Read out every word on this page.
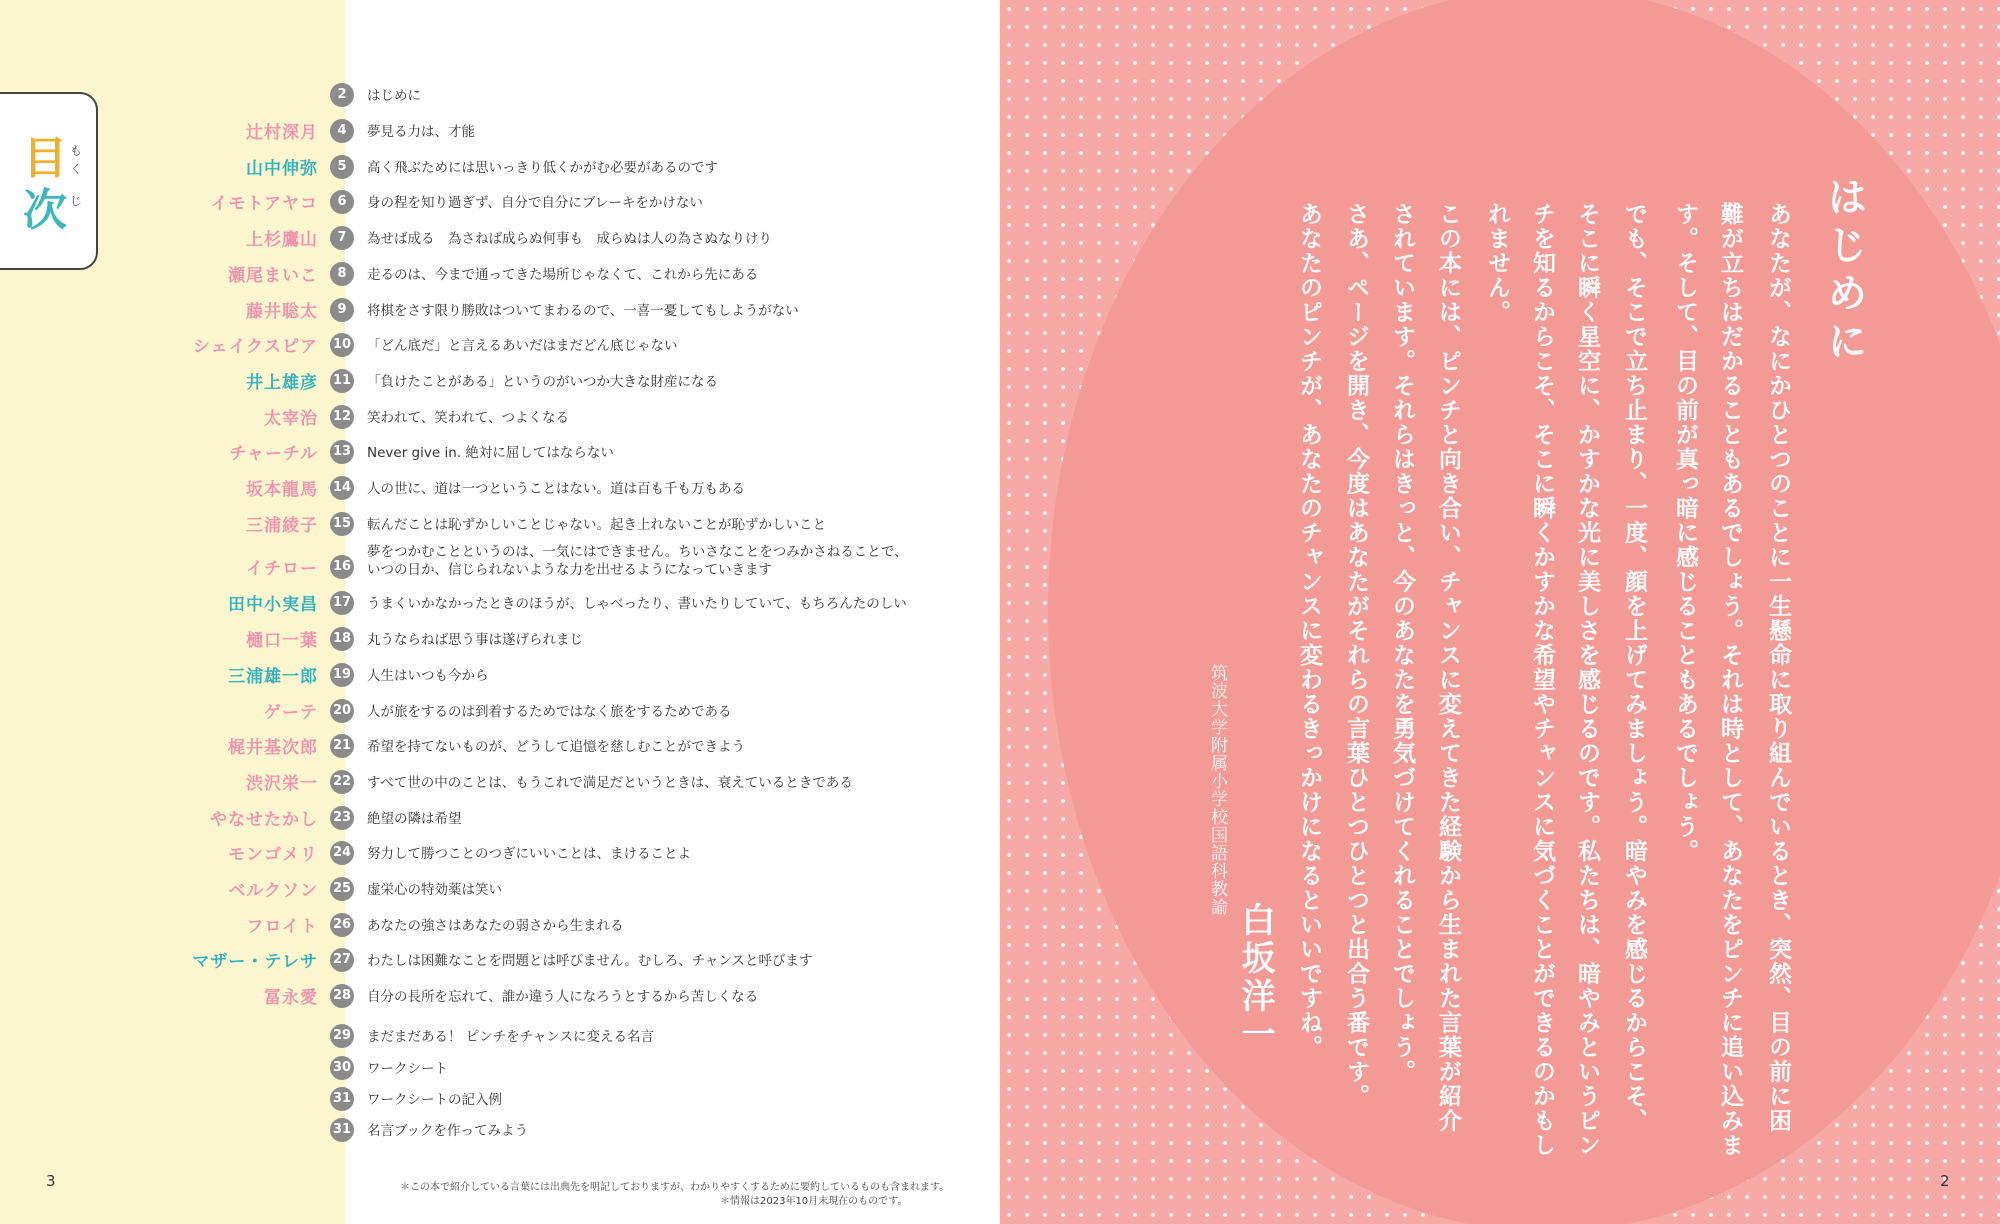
目
次
も
く
じ
2	はじめに
辻村深月	4	夢見る力は、才能
山中伸弥	5	高く飛ぶためには思いっきり低くかがむ必要があるのです
イモトアヤコ	6	身の程を知り過ぎず、自分で自分にブレーキをかけない
上杉鷹山	7	為せば成る　為さねば成らぬ何事も　成らぬは人の為さぬなりけり
瀬尾まいこ	8	走るのは、今まで通ってきた場所じゃなくて、これから先にある
藤井聡太	9	将棋をさす限り勝敗はついてまわるので、一喜一憂してもしようがない
シェイクスピア 10 「どん底だ」と言えるあいだはまだどん底じゃない
井上雄彦 11 「負けたことがある」というのがいつか大きな財産になる
太宰治 12 笑われて、笑われて、つよくなる
チャーチル 13 Never give in. 絶対に屈してはならない
坂本龍馬 14 人の世に、道は一つということはない。道は百も千も万もある
三浦綾子 15 転んだことは恥ずかしいことじゃない。起き上れないことが恥ずかしいこと
イチロー 16
夢をつかむことというのは、一気にはできません。ちいさなことをつみかさねることで、
いつの日か、信じられないような力を出せるようになっていきます
田中小実昌 17 うまくいかなかったときのほうが、しゃべったり、書いたりしていて、もちろんたのしい
樋口一葉 18 丸うならねば思う事は遂げられまじ
三浦雄一郎 19 人生はいつも今から
ゲーテ 20 人が旅をするのは到着するためではなく旅をするためである
梶井基次郎 21 希望を持てないものが、どうして追憶を慈しむことができよう
渋沢栄一 22 すべて世の中のことは、もうこれで満足だというときは、衰えているときである
やなせたかし 23 絶望の隣は希望
モンゴメリ 24 努力して勝つことのつぎにいいことは、まけることよ
ベルクソン 25 虚栄心の特効薬は笑い
フロイト 26 あなたの強さはあなたの弱さから生まれる
マザー・テレサ 27 わたしは困難なことを問題とは呼びません。むしろ、チャンスと呼びます
冨永愛 28 自分の長所を忘れて、誰か違う人になろうとするから苦しくなる
29 まだまだある！ ピンチをチャンスに変える名言
30 ワークシート
31 ワークシートの記入例
31 名言ブックを作ってみよう
＊この本で紹介している言葉には出典先を明記しておりますが、わかりやすくするために要約しているものも含まれます。
＊情報は2023年10月末現在のものです。
3
はじめに
あなたが、なにかひとつのことに一生懸命に取り組んでいるとき、突然、目の前に困
難が立ちはだかることもあるでしょう。それは時として、あなたをピンチに追い込みま
す。そして、目の前が真っ暗に感じることもあるでしょう。
でも、そこで立ち止まり、一度、顔を上げてみましょう。暗やみを感じるからこそ、
そこに瞬く星空に、かすかな光に美しさを感じるのです。私たちは、暗やみというピン
チを知るからこそ、そこに瞬くかすかな希望やチャンスに気づくことができるのかもし
れません。
この本には、ピンチと向き合い、チャンスに変えてきた経験から生まれた言葉が紹介
されています。それらはきっと、今のあなたを勇気づけてくれることでしょう。
さあ、ページを開き、今度はあなたがそれらの言葉ひとつひとつと出合う番です。
あなたのピンチが、あなたのチャンスに変わるきっかけになるといいですね。
筑波大学附属小学校国語科教諭
白坂洋一
2
